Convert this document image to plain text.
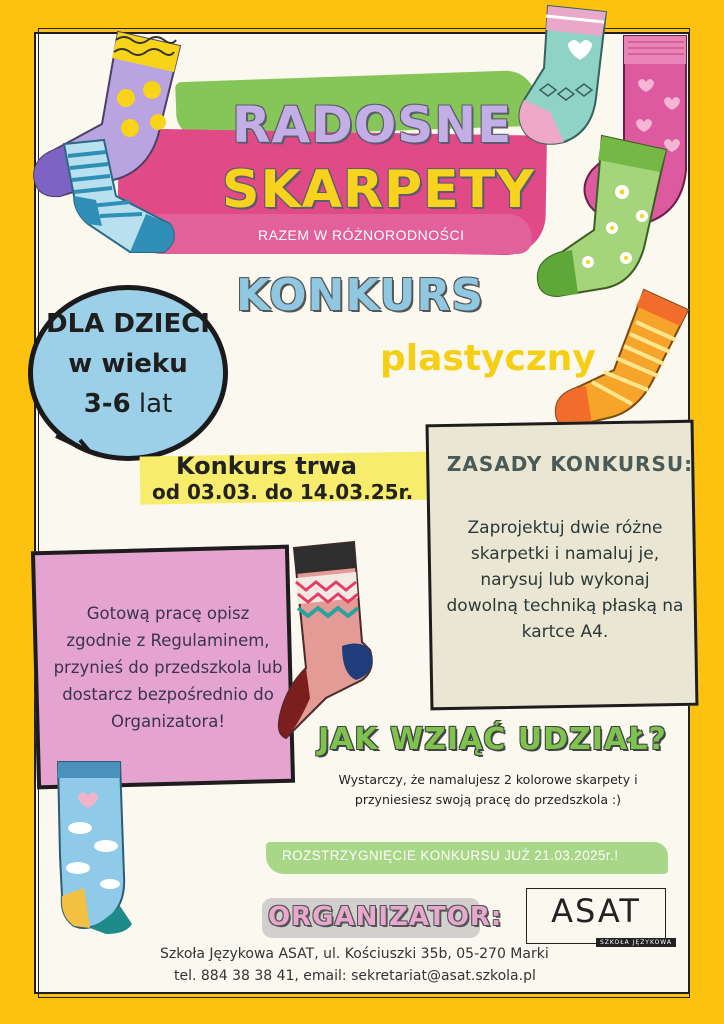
RADOSNE
SKARPETY
RAZEM W RÓŻNORODNOŚCI
KONKURS
plastyczny
DLA DZIECI
w wieku
3-6 lat
Konkurs trwa
od 03.03. do 14.03.25r.
ZASADY KONKURSU:
Zaprojektuj dwie różne skarpetki i namaluj je, narysuj lub wykonaj dowolną techniką płaską na kartce A4.
Gotową pracę opisz zgodnie z Regulaminem, przynieś do przedszkola lub dostarcz bezpośrednio do Organizatora!
JAK WZIĄĆ UDZIAŁ?
Wystarczy, że namalujesz 2 kolorowe skarpety i przyniesiesz swoją pracę do przedszkola :)
ROZSTRZYGNIĘCIE KONKURSU JUŻ 21.03.2025r.!
ORGANIZATOR:
Szkoła Językowa ASAT, ul. Kościuszki 35b, 05-270 Marki
tel. 884 38 38 41, email: sekretariat@asat.szkola.pl
ASAT
SZKOŁA JĘZYKOWA
